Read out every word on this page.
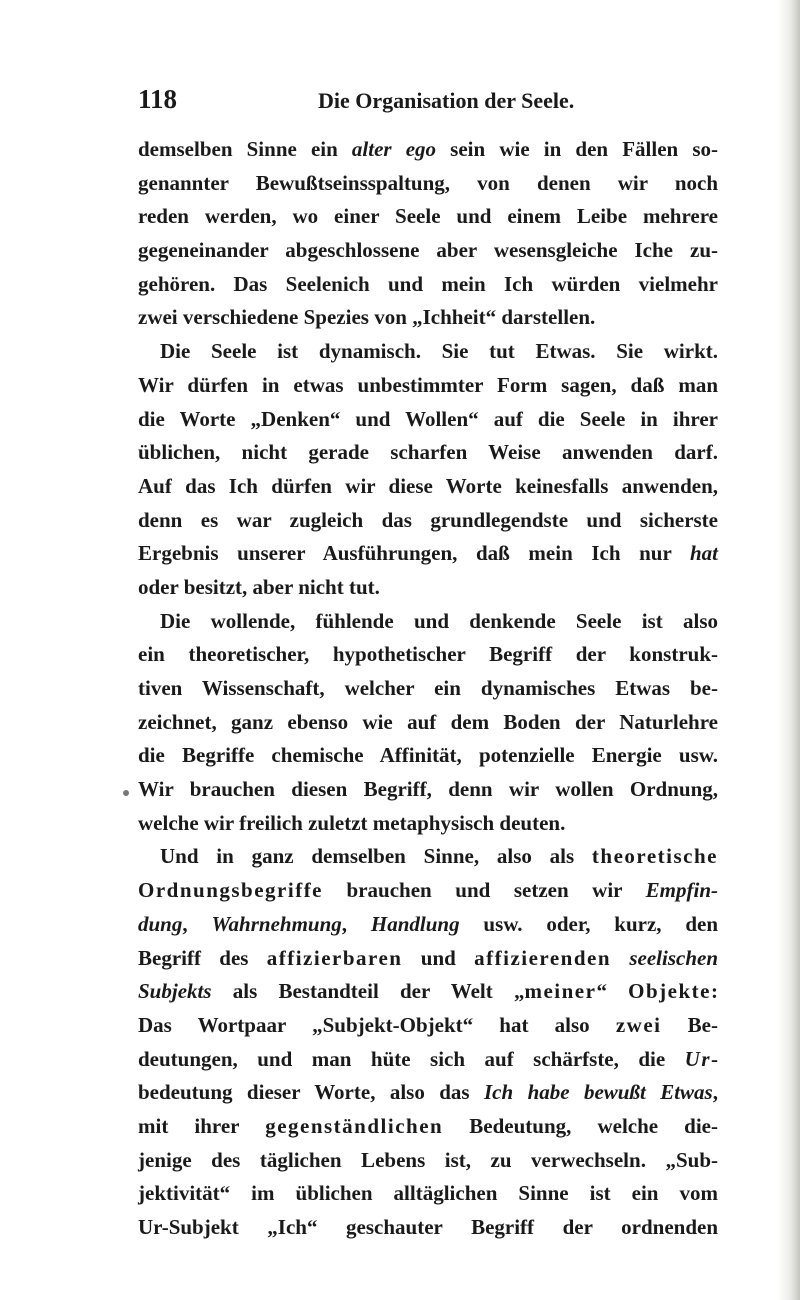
118	Die Organisation der Seele.
demselben Sinne ein alter ego sein wie in den Fällen so-
genannter Bewußtseinsspaltung, von denen wir noch
reden werden, wo einer Seele und einem Leibe mehrere
gegeneinander abgeschlossene aber wesensgleiche Iche zu-
gehören. Das Seelenich und mein Ich würden vielmehr
zwei verschiedene Spezies von „Ichheit“ darstellen.
Die Seele ist dynamisch. Sie tut Etwas. Sie wirkt.
Wir dürfen in etwas unbestimmter Form sagen, daß man
die Worte „Denken“ und Wollen“ auf die Seele in ihrer
üblichen, nicht gerade scharfen Weise anwenden darf.
Auf das Ich dürfen wir diese Worte keinesfalls anwenden,
denn es war zugleich das grundlegendste und sicherste
Ergebnis unserer Ausführungen, daß mein Ich nur hat
oder besitzt, aber nicht tut.
Die wollende, fühlende und denkende Seele ist also
ein theoretischer, hypothetischer Begriff der konstruk-
tiven Wissenschaft, welcher ein dynamisches Etwas be-
zeichnet, ganz ebenso wie auf dem Boden der Naturlehre
die Begriffe chemische Affinität, potenzielle Energie usw.
Wir brauchen diesen Begriff, denn wir wollen Ordnung,
welche wir freilich zuletzt metaphysisch deuten.
Und in ganz demselben Sinne, also als theoretische
Ordnungsbegriffe brauchen und setzen wir Empfin-
dung, Wahrnehmung, Handlung usw. oder, kurz, den
Begriff des affizierbaren und affizierenden seelischen
Subjekts als Bestandteil der Welt „meiner“ Objekte:
Das Wortpaar „Subjekt-Objekt“ hat also zwei Be-
deutungen, und man hüte sich auf schärfste, die Ur-
bedeutung dieser Worte, also das Ich habe bewußt Etwas,
mit ihrer gegenständlichen Bedeutung, welche die-
jenige des täglichen Lebens ist, zu verwechseln. „Sub-
jektivität“ im üblichen alltäglichen Sinne ist ein vom
Ur-Subjekt „Ich“ geschauter Begriff der ordnenden
